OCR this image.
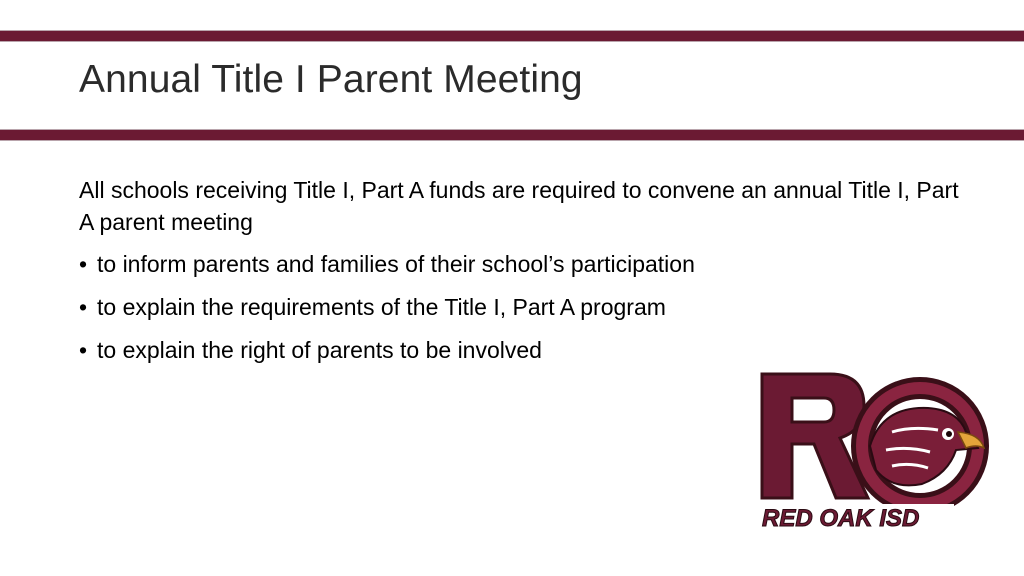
Annual Title I Parent Meeting

All schools receiving Title I, Part A funds are required to convene an annual Title I, Part A parent meeting

• to inform parents and families of their school’s participation
• to explain the requirements of the Title I, Part A program
• to explain the right of parents to be involved
RED OAK ISD
